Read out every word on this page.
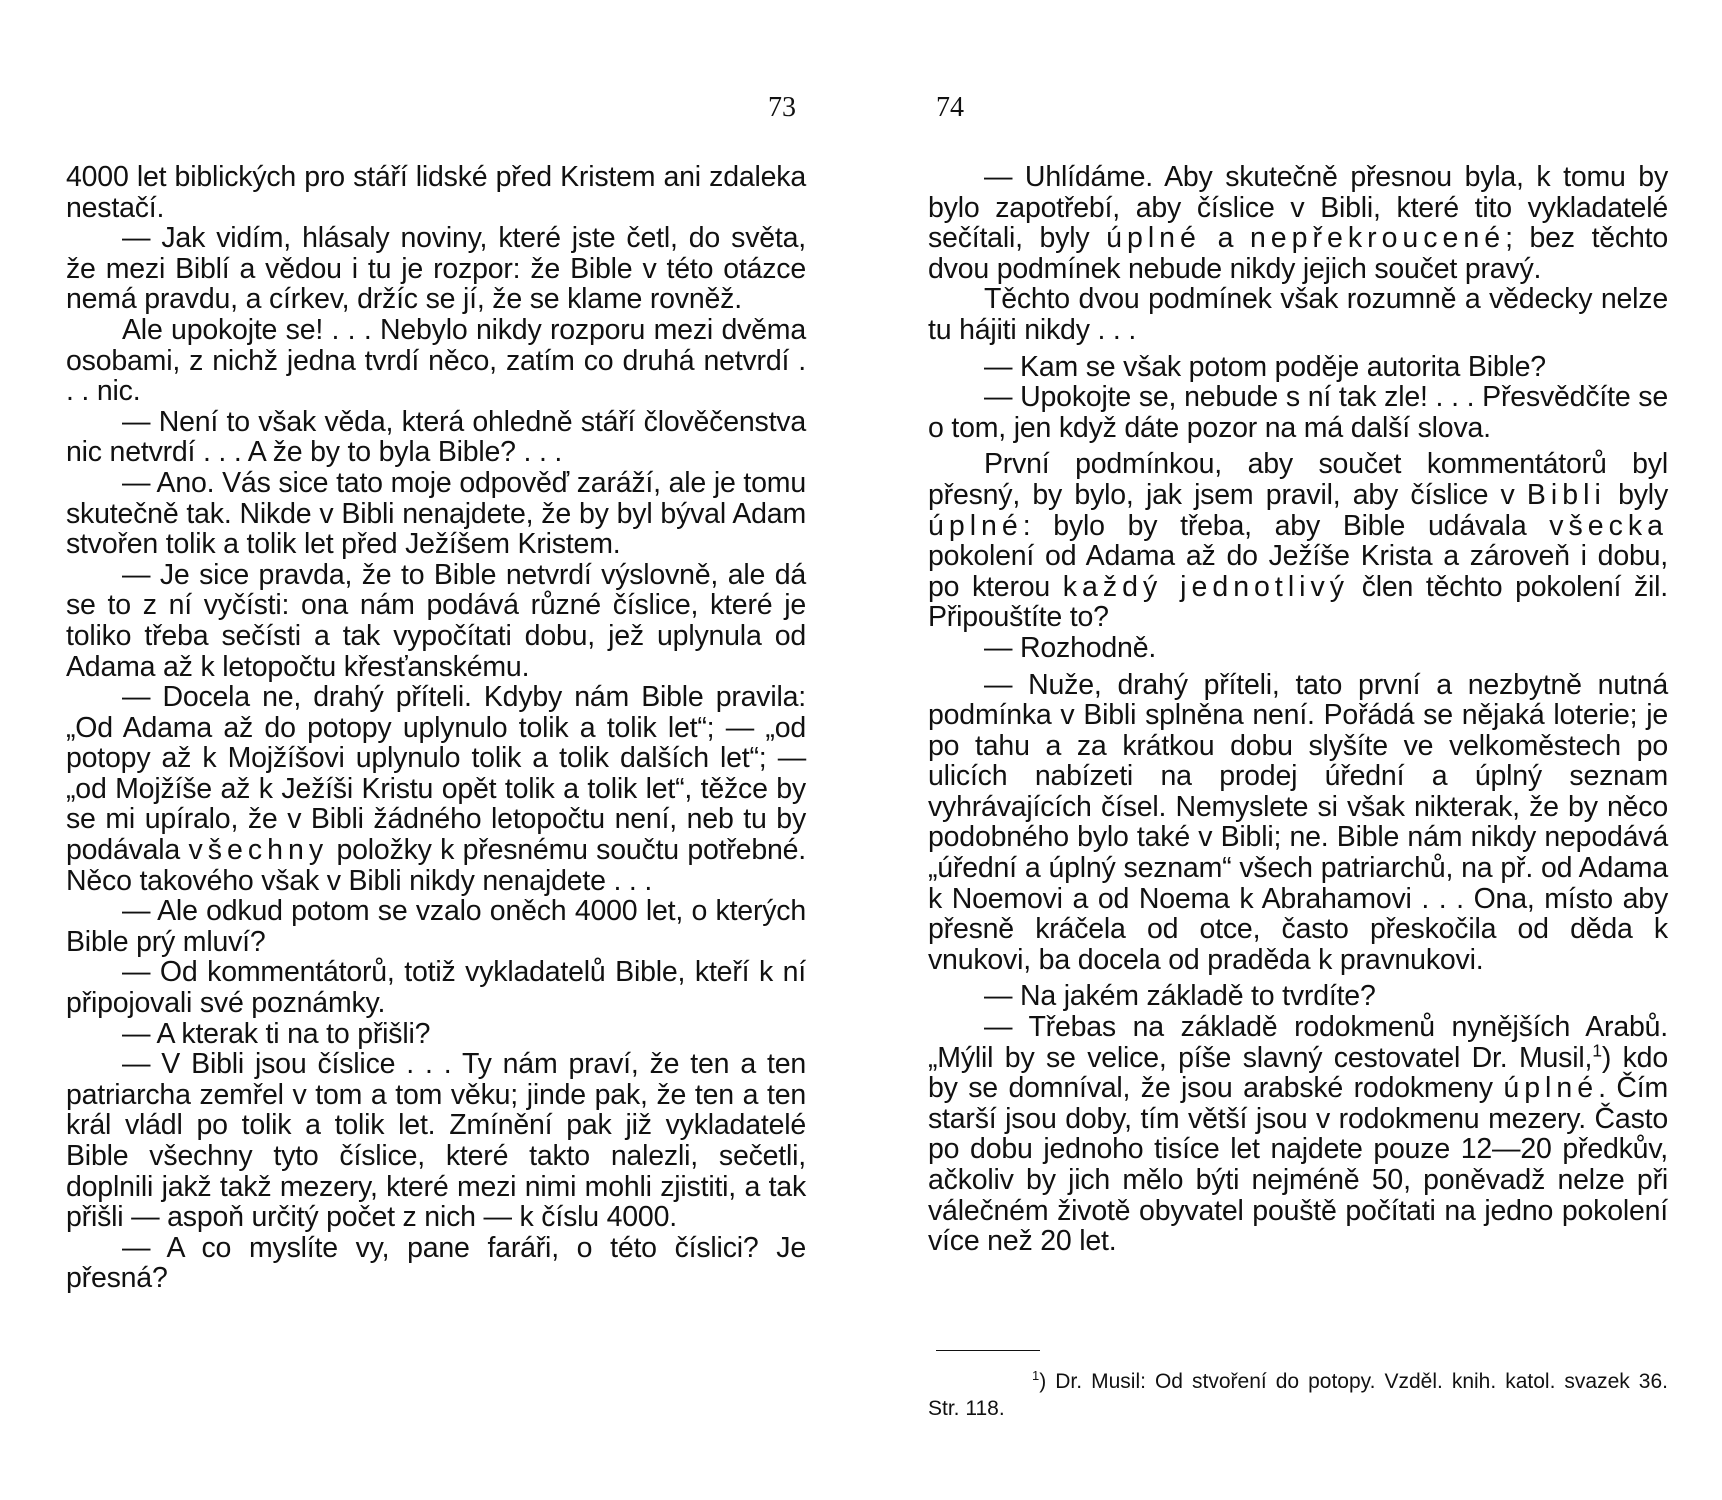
73

4000 let biblických pro stáří lidské před Kristem ani zdaleka nestačí.

— Jak vidím, hlásaly noviny, které jste četl, do světa, že mezi Biblí a vědou i tu je rozpor: že Bible v této otázce nemá pravdu, a církev, držíc se jí, že se klame rovněž.

Ale upokojte se! . . . Nebylo nikdy rozporu mezi dvěma osobami, z nichž jedna tvrdí něco, zatím co druhá netvrdí . . . nic.

— Není to však věda, která ohledně stáří člověčenstva nic netvrdí . . . A že by to byla Bible? . . .

— Ano. Vás sice tato moje odpověď zaráží, ale je tomu skutečně tak. Nikde v Bibli nenajdete, že by byl býval Adam stvořen tolik a tolik let před Ježíšem Kristem.

— Je sice pravda, že to Bible netvrdí výslovně, ale dá se to z ní vyčísti: ona nám podává různé číslice, které je toliko třeba sečísti a tak vypočítati dobu, jež uplynula od Adama až k letopočtu křesťanskému.

— Docela ne, drahý příteli. Kdyby nám Bible pravila: „Od Adama až do potopy uplynulo tolik a tolik let“; — „od potopy až k Mojžíšovi uplynulo tolik a tolik dalších let“; — „od Mojžíše až k Ježíši Kristu opět tolik a tolik let“, těžce by se mi upíralo, že v Bibli žádného letopočtu není, neb tu by podávala všechny položky k přesnému součtu potřebné. Něco takového však v Bibli nikdy nenajdete . . .

— Ale odkud potom se vzalo oněch 4000 let, o kterých Bible prý mluví?

— Od kommentátorů, totiž vykladatelů Bible, kteří k ní připojovali své poznámky.

— A kterak ti na to přišli?

— V Bibli jsou číslice . . . Ty nám praví, že ten a ten patriarcha zemřel v tom a tom věku; jinde pak, že ten a ten král vládl po tolik a tolik let. Zmínění pak již vykladatelé Bible všechny tyto číslice, které takto nalezli, sečetli, doplnili jakž takž mezery, které mezi nimi mohli zjistiti, a tak přišli — aspoň určitý počet z nich — k číslu 4000.

— A co myslíte vy, pane faráři, o této číslici? Je přesná?

74

— Uhlídáme. Aby skutečně přesnou byla, k tomu by bylo zapotřebí, aby číslice v Bibli, které tito vykladatelé sečítali, byly úplné a nepřekroucené; bez těchto dvou podmínek nebude nikdy jejich součet pravý.

Těchto dvou podmínek však rozumně a vědecky nelze tu hájiti nikdy . . .

— Kam se však potom poděje autorita Bible?

— Upokojte se, nebude s ní tak zle! . . . Přesvědčíte se o tom, jen když dáte pozor na má další slova.

První podmínkou, aby součet kommentátorů byl přesný, by bylo, jak jsem pravil, aby číslice v Bibli byly úplné: bylo by třeba, aby Bible udávala všecka pokolení od Adama až do Ježíše Krista a zároveň i dobu, po kterou každý jednotlivý člen těchto pokolení žil. Připouštíte to?

— Rozhodně.

— Nuže, drahý příteli, tato první a nezbytně nutná podmínka v Bibli splněna není. Pořádá se nějaká loterie; je po tahu a za krátkou dobu slyšíte ve velkoměstech po ulicích nabízeti na prodej úřední a úplný seznam vyhrávajících čísel. Nemyslete si však nikterak, že by něco podobného bylo také v Bibli; ne. Bible nám nikdy nepodává „úřední a úplný seznam“ všech patriarchů, na př. od Adama k Noemovi a od Noema k Abrahamovi . . . Ona, místo aby přesně kráčela od otce, často přeskočila od děda k vnukovi, ba docela od praděda k pravnukovi.

— Na jakém základě to tvrdíte?

— Třebas na základě rodokmenů nynějších Arabů. „Mýlil by se velice, píše slavný cestovatel Dr. Musil,$^1$) kdo by se domníval, že jsou arabské rodokmeny úplné. Čím starší jsou doby, tím větší jsou v rodokmenu mezery. Často po dobu jednoho tisíce let najdete pouze 12—20 předkův, ačkoliv by jich mělo býti nejméně 50, poněvadž nelze při válečném životě obyvatel pouště počítati na jedno pokolení více než 20 let.

$^1$) Dr. Musil: Od stvoření do potopy. Vzděl. knih. katol. svazek 36. Str. 118.
